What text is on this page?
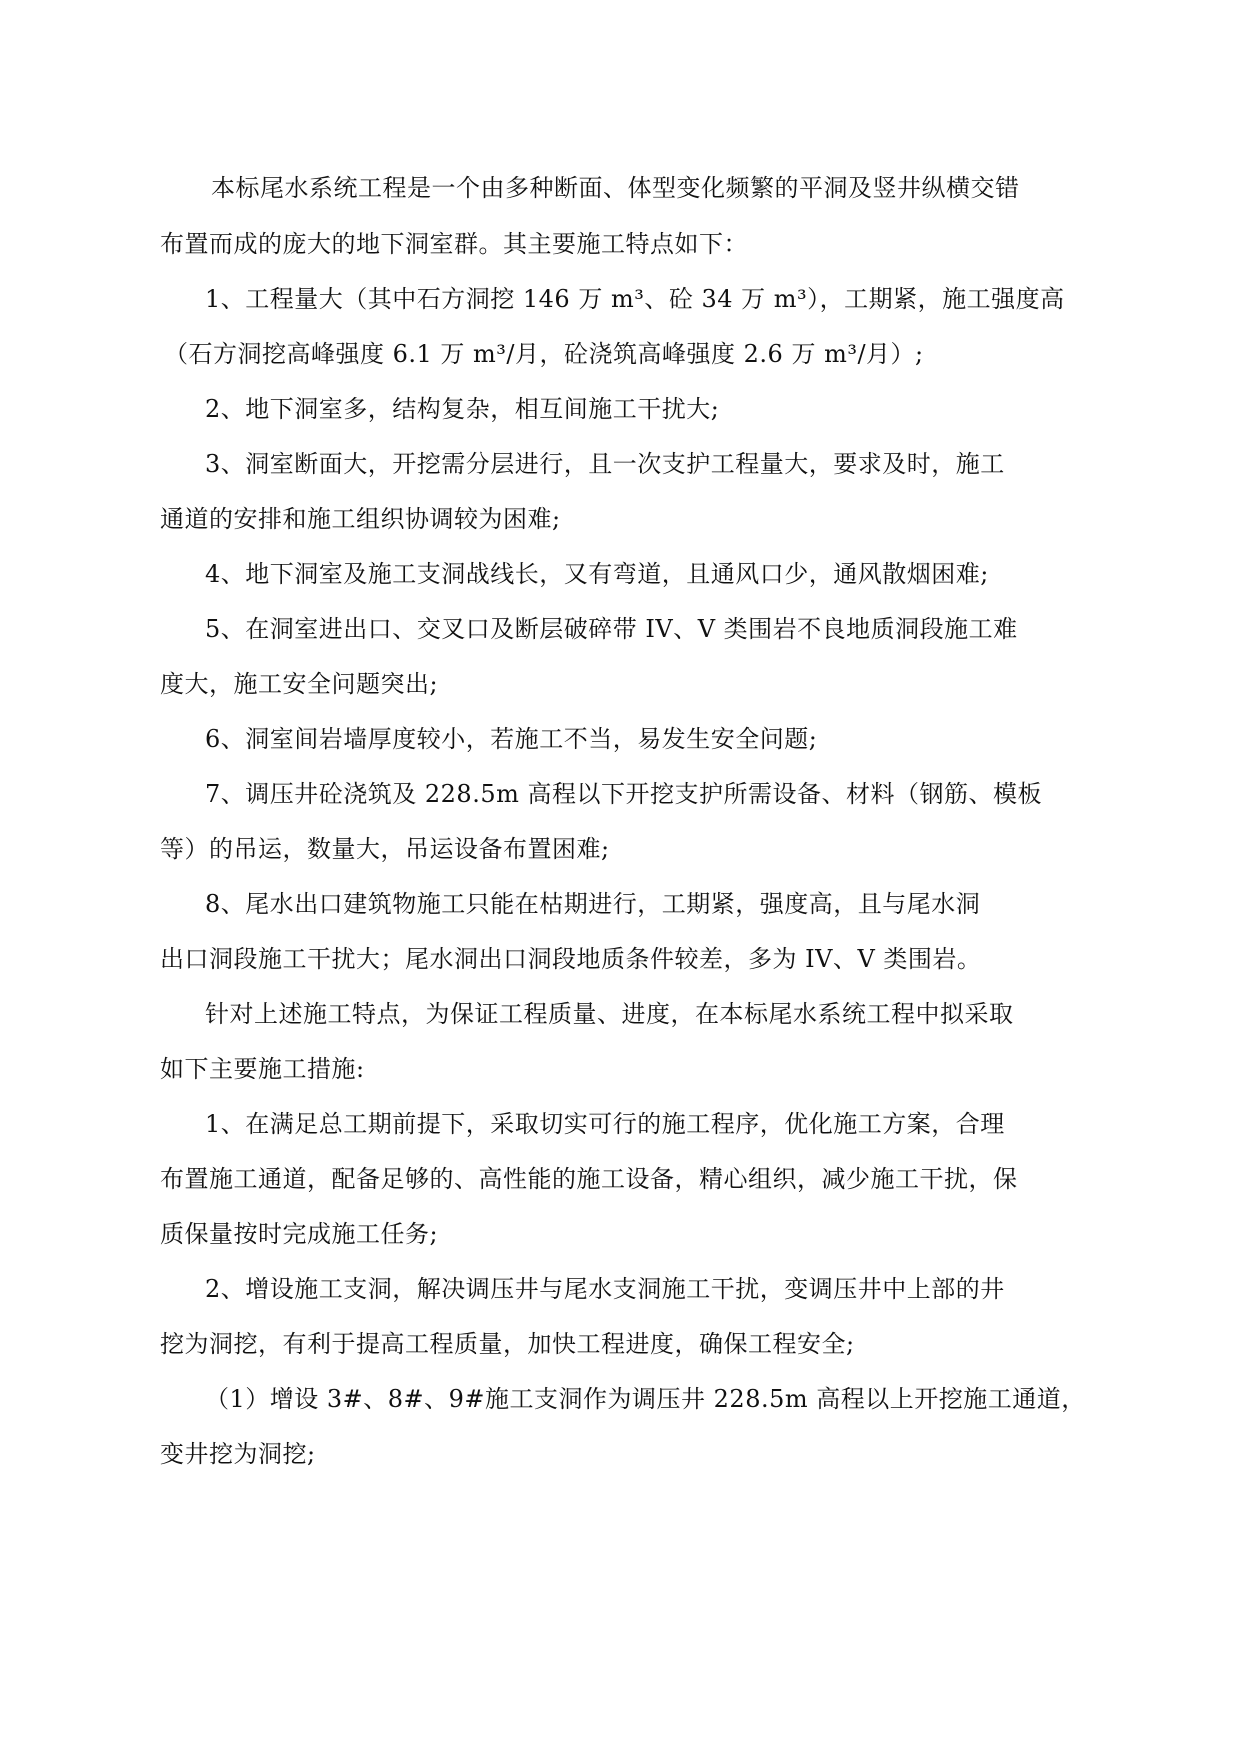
本标尾水系统工程是一个由多种断面、体型变化频繁的平洞及竖井纵横交错
布置而成的庞大的地下洞室群。其主要施工特点如下：
1、工程量大（其中石方洞挖 146 万 m³、砼 34 万 m³），工期紧，施工强度高
（石方洞挖高峰强度 6.1 万 m³/月，砼浇筑高峰强度 2.6 万 m³/月）;
2、地下洞室多，结构复杂，相互间施工干扰大;
3、洞室断面大，开挖需分层进行，且一次支护工程量大，要求及时，施工
通道的安排和施工组织协调较为困难;
4、地下洞室及施工支洞战线长，又有弯道，且通风口少，通风散烟困难;
5、在洞室进出口、交叉口及断层破碎带 IV、V 类围岩不良地质洞段施工难
度大，施工安全问题突出;
6、洞室间岩墙厚度较小，若施工不当，易发生安全问题;
7、调压井砼浇筑及 228.5m 高程以下开挖支护所需设备、材料（钢筋、模板
等）的吊运，数量大，吊运设备布置困难;
8、尾水出口建筑物施工只能在枯期进行，工期紧，强度高，且与尾水洞
出口洞段施工干扰大；尾水洞出口洞段地质条件较差，多为 IV、V 类围岩。
针对上述施工特点，为保证工程质量、进度，在本标尾水系统工程中拟采取
如下主要施工措施:
1、在满足总工期前提下，采取切实可行的施工程序，优化施工方案，合理
布置施工通道，配备足够的、高性能的施工设备，精心组织，减少施工干扰，保
质保量按时完成施工任务;
2、增设施工支洞，解决调压井与尾水支洞施工干扰，变调压井中上部的井
挖为洞挖，有利于提高工程质量，加快工程进度，确保工程安全;
（1）增设 3#、8#、9#施工支洞作为调压井 228.5m 高程以上开挖施工通道，
变井挖为洞挖;
